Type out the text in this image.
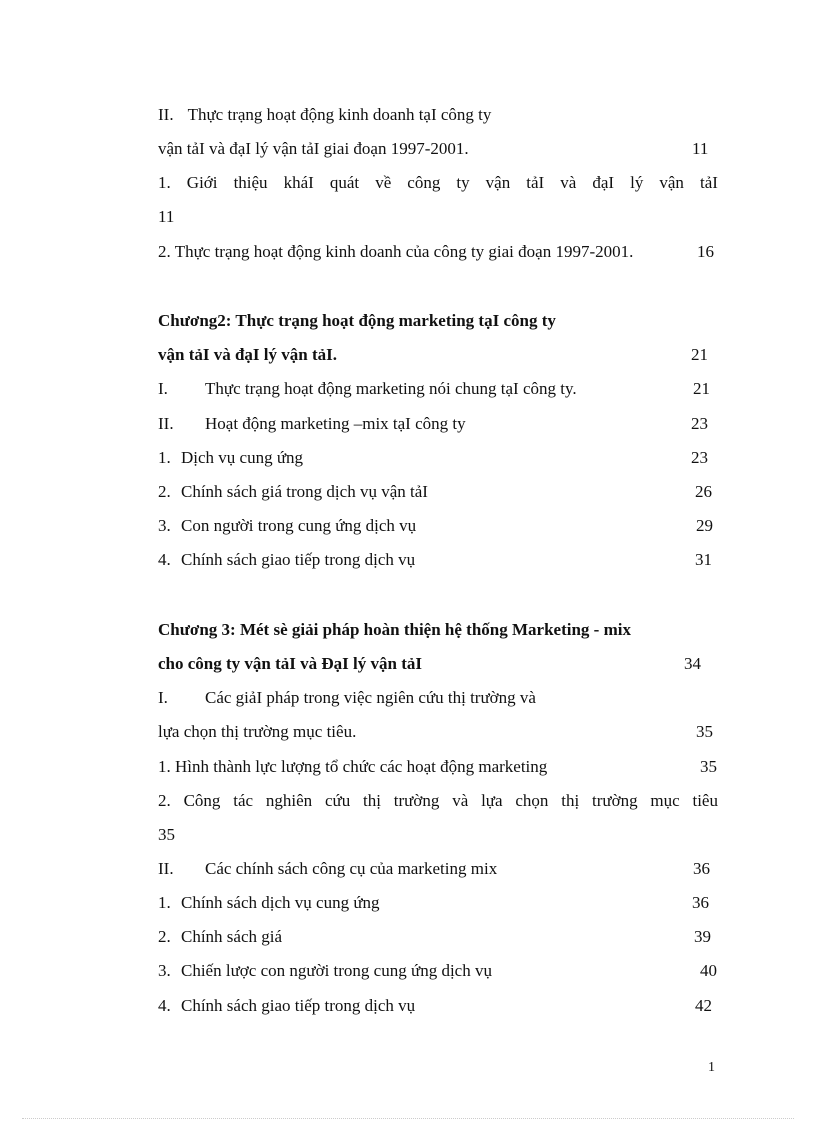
II. Thực trạng hoạt động kinh doanh tạI công ty
vận tảI và đạI lý vận tảI giai đoạn 1997-2001.	11
1. Giới thiệu kháI quát về công ty vận tảI và đạI lý vận tảI
11
2. Thực trạng hoạt động kinh doanh của công ty giai đoạn 1997-2001.	16
Chương2: Thực trạng hoạt động marketing tạI công ty
vận tảI và đạI lý vận tảI.	21
I. Thực trạng hoạt động marketing nói chung tạI công ty.	21
II. Hoạt động marketing –mix tạI công ty	23
1. Dịch vụ cung ứng	23
2. Chính sách giá trong dịch vụ vận tảI	26
3. Con người trong cung ứng dịch vụ	29
4. Chính sách giao tiếp trong dịch vụ	31
Chương 3: Mét sè giải pháp hoàn thiện hệ thống Marketing - mix
cho công ty vận tảI và ĐạI lý vận tảI	34
I. Các giảI pháp trong việc ngiên cứu thị trường và
lựa chọn thị trường mục tiêu.	35
1. Hình thành lực lượng tổ chức các hoạt động marketing	35
2. Công tác nghiên cứu thị trường và lựa chọn thị trường mục tiêu
35
II. Các chính sách công cụ của marketing mix	36
1. Chính sách dịch vụ cung ứng	36
2. Chính sách giá	39
3. Chiến lược con người trong cung ứng dịch vụ	40
4. Chính sách giao tiếp trong dịch vụ	42
1
